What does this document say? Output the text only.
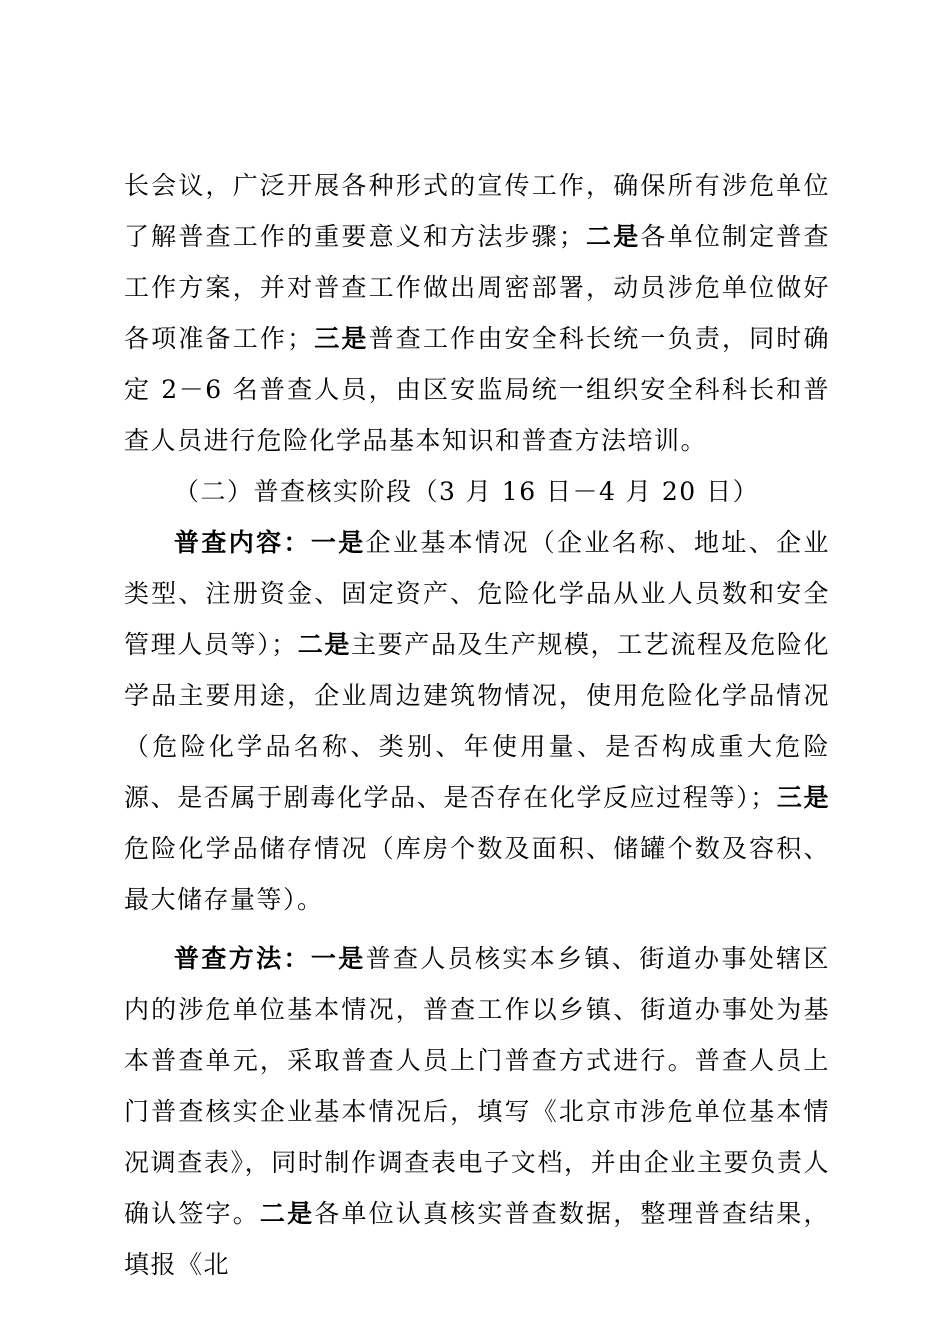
长会议，广泛开展各种形式的宣传工作，确保所有涉危单位了解普查工作的重要意义和方法步骤；二是各单位制定普查工作方案，并对普查工作做出周密部署，动员涉危单位做好各项准备工作；三是普查工作由安全科长统一负责，同时确定 2－6 名普查人员，由区安监局统一组织安全科科长和普查人员进行危险化学品基本知识和普查方法培训。

（二）普查核实阶段（3 月 16 日－4 月 20 日）

普查内容：一是企业基本情况（企业名称、地址、企业类型、注册资金、固定资产、危险化学品从业人员数和安全管理人员等）；二是主要产品及生产规模，工艺流程及危险化学品主要用途，企业周边建筑物情况，使用危险化学品情况（危险化学品名称、类别、年使用量、是否构成重大危险源、是否属于剧毒化学品、是否存在化学反应过程等）；三是危险化学品储存情况（库房个数及面积、储罐个数及容积、最大储存量等）。

普查方法：一是普查人员核实本乡镇、街道办事处辖区内的涉危单位基本情况，普查工作以乡镇、街道办事处为基本普查单元，采取普查人员上门普查方式进行。普查人员上门普查核实企业基本情况后，填写《北京市涉危单位基本情况调查表》，同时制作调查表电子文档，并由企业主要负责人确认签字。二是各单位认真核实普查数据，整理普查结果，填报《北
